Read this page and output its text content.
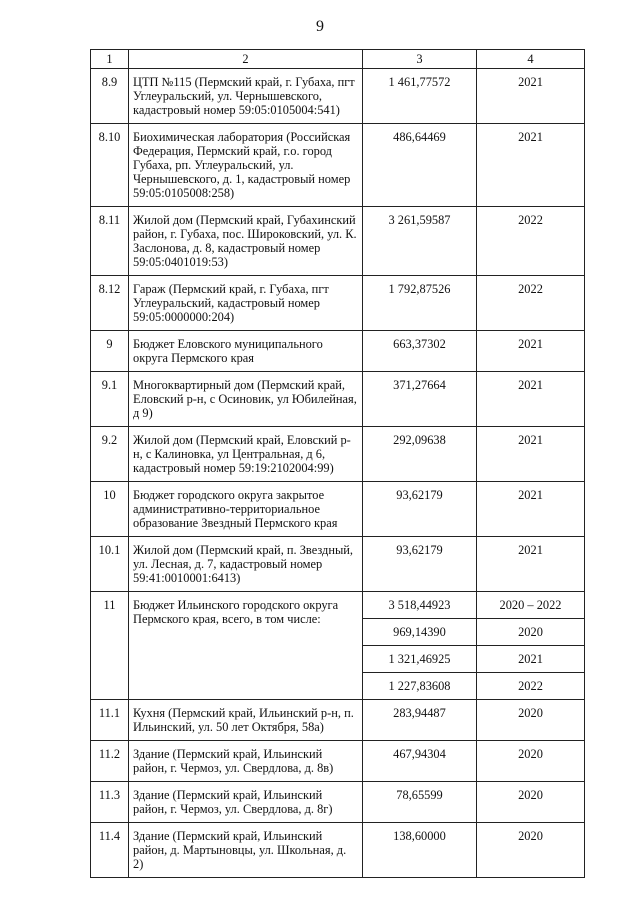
9
1	2	3	4
8.9	ЦТП №115 (Пермский край, г. Губаха, пгт Углеуральский, ул. Чернышевского, кадастровый номер 59:05:0105004:541)	1 461,77572	2021
8.10	Биохимическая лаборатория (Российская Федерация, Пермский край, г.о. город Губаха, рп. Углеуральский, ул. Чернышевского, д. 1, кадастровый номер 59:05:0105008:258)	486,64469	2021
8.11	Жилой дом (Пермский край, Губахинский район, г. Губаха, пос. Широковский, ул. К. Заслонова, д. 8, кадастровый номер 59:05:0401019:53)	3 261,59587	2022
8.12	Гараж (Пермский край, г. Губаха, пгт Углеуральский, кадастровый номер 59:05:0000000:204)	1 792,87526	2022
9	Бюджет Еловского муниципального округа Пермского края	663,37302	2021
9.1	Многоквартирный дом (Пермский край, Еловский р-н, с Осиновик, ул Юбилейная, д 9)	371,27664	2021
9.2	Жилой дом (Пермский край, Еловский р-н, с Калиновка, ул Центральная, д 6, кадастровый номер 59:19:2102004:99)	292,09638	2021
10	Бюджет городского округа закрытое административно-территориальное образование Звездный Пермского края	93,62179	2021
10.1	Жилой дом (Пермский край, п. Звездный, ул. Лесная, д. 7, кадастровый номер 59:41:0010001:6413)	93,62179	2021
11	Бюджет Ильинского городского округа Пермского края, всего, в том числе:	3 518,44923	2020 – 2022
		969,14390	2020
		1 321,46925	2021
		1 227,83608	2022
11.1	Кухня (Пермский край, Ильинский р-н, п. Ильинский, ул. 50 лет Октября, 58а)	283,94487	2020
11.2	Здание (Пермский край, Ильинский район, г. Чермоз, ул. Свердлова, д. 8в)	467,94304	2020
11.3	Здание (Пермский край, Ильинский район, г. Чермоз, ул. Свердлова, д. 8г)	78,65599	2020
11.4	Здание (Пермский край, Ильинский район, д. Мартыновцы, ул. Школьная, д. 2)	138,60000	2020
